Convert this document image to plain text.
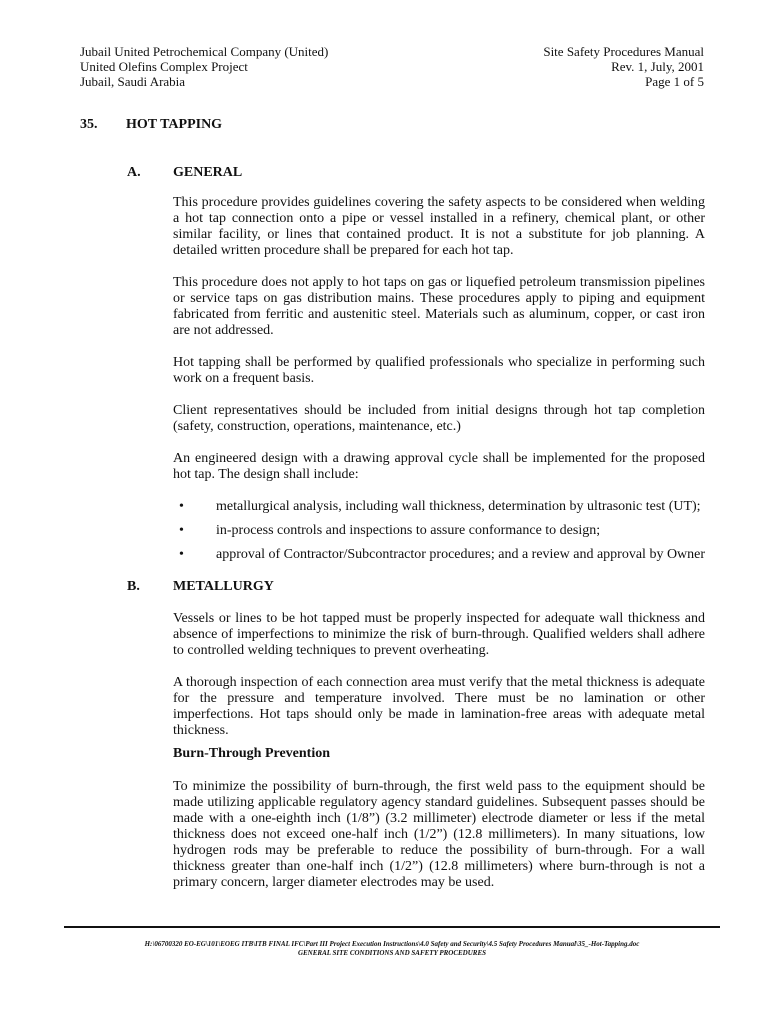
Jubail United Petrochemical Company (United)
United Olefins Complex Project
Jubail, Saudi Arabia
Site Safety Procedures Manual
Rev. 1, July, 2001
Page 1 of 5
35. HOT TAPPING
A. GENERAL

This procedure provides guidelines covering the safety aspects to be considered when welding a hot tap connection onto a pipe or vessel installed in a refinery, chemical plant, or other similar facility, or lines that contained product. It is not a substitute for job planning. A detailed written procedure shall be prepared for each hot tap.

This procedure does not apply to hot taps on gas or liquefied petroleum transmission pipelines or service taps on gas distribution mains. These procedures apply to piping and equipment fabricated from ferritic and austenitic steel. Materials such as aluminum, copper, or cast iron are not addressed.

Hot tapping shall be performed by qualified professionals who specialize in performing such work on a frequent basis.

Client representatives should be included from initial designs through hot tap completion (safety, construction, operations, maintenance, etc.)

An engineered design with a drawing approval cycle shall be implemented for the proposed hot tap. The design shall include:

• metallurgical analysis, including wall thickness, determination by ultrasonic test (UT);
• in-process controls and inspections to assure conformance to design;
• approval of Contractor/Subcontractor procedures; and a review and approval by Owner
B. METALLURGY

Vessels or lines to be hot tapped must be properly inspected for adequate wall thickness and absence of imperfections to minimize the risk of burn-through. Qualified welders shall adhere to controlled welding techniques to prevent overheating.

A thorough inspection of each connection area must verify that the metal thickness is adequate for the pressure and temperature involved. There must be no lamination or other imperfections. Hot taps should only be made in lamination-free areas with adequate metal thickness.

Burn-Through Prevention

To minimize the possibility of burn-through, the first weld pass to the equipment should be made utilizing applicable regulatory agency standard guidelines. Subsequent passes should be made with a one-eighth inch (1/8”) (3.2 millimeter) electrode diameter or less if the metal thickness does not exceed one-half inch (1/2”) (12.8 millimeters). In many situations, low hydrogen rods may be preferable to reduce the possibility of burn-through. For a wall thickness greater than one-half inch (1/2”) (12.8 millimeters) where burn-through is not a primary concern, larger diameter electrodes may be used.

H:\06700320 EO-EG\101\EOEG ITB\ITB FINAL IFC\Part III Project Execution Instructions\4.0 Safety and Security\4.5 Safety Procedures Manual\35_-Hot-Tapping.doc
GENERAL SITE CONDITIONS AND SAFETY PROCEDURES
